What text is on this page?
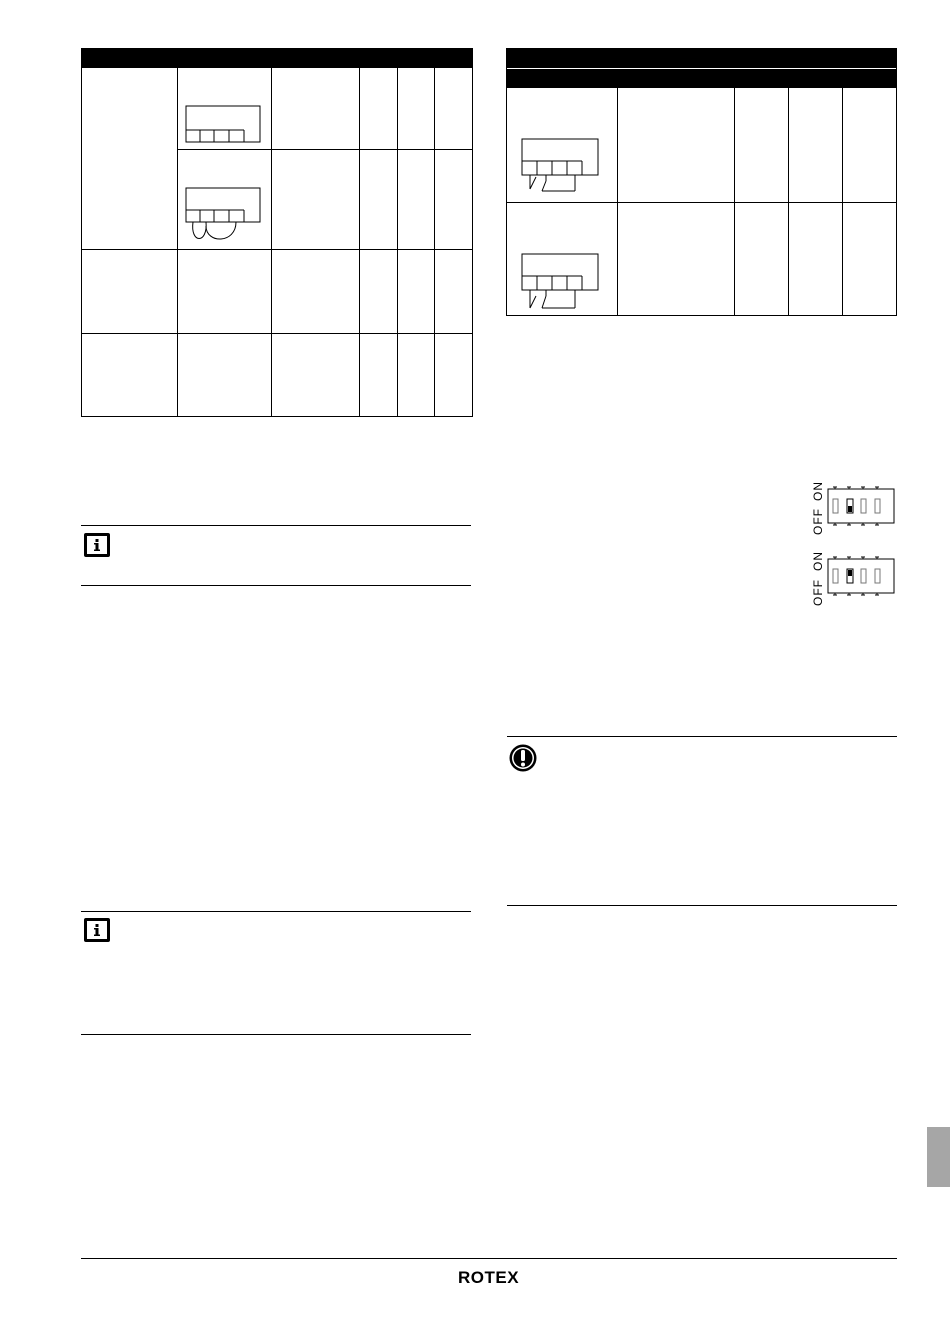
ON
OFF
ON
OFF
ROTEX
